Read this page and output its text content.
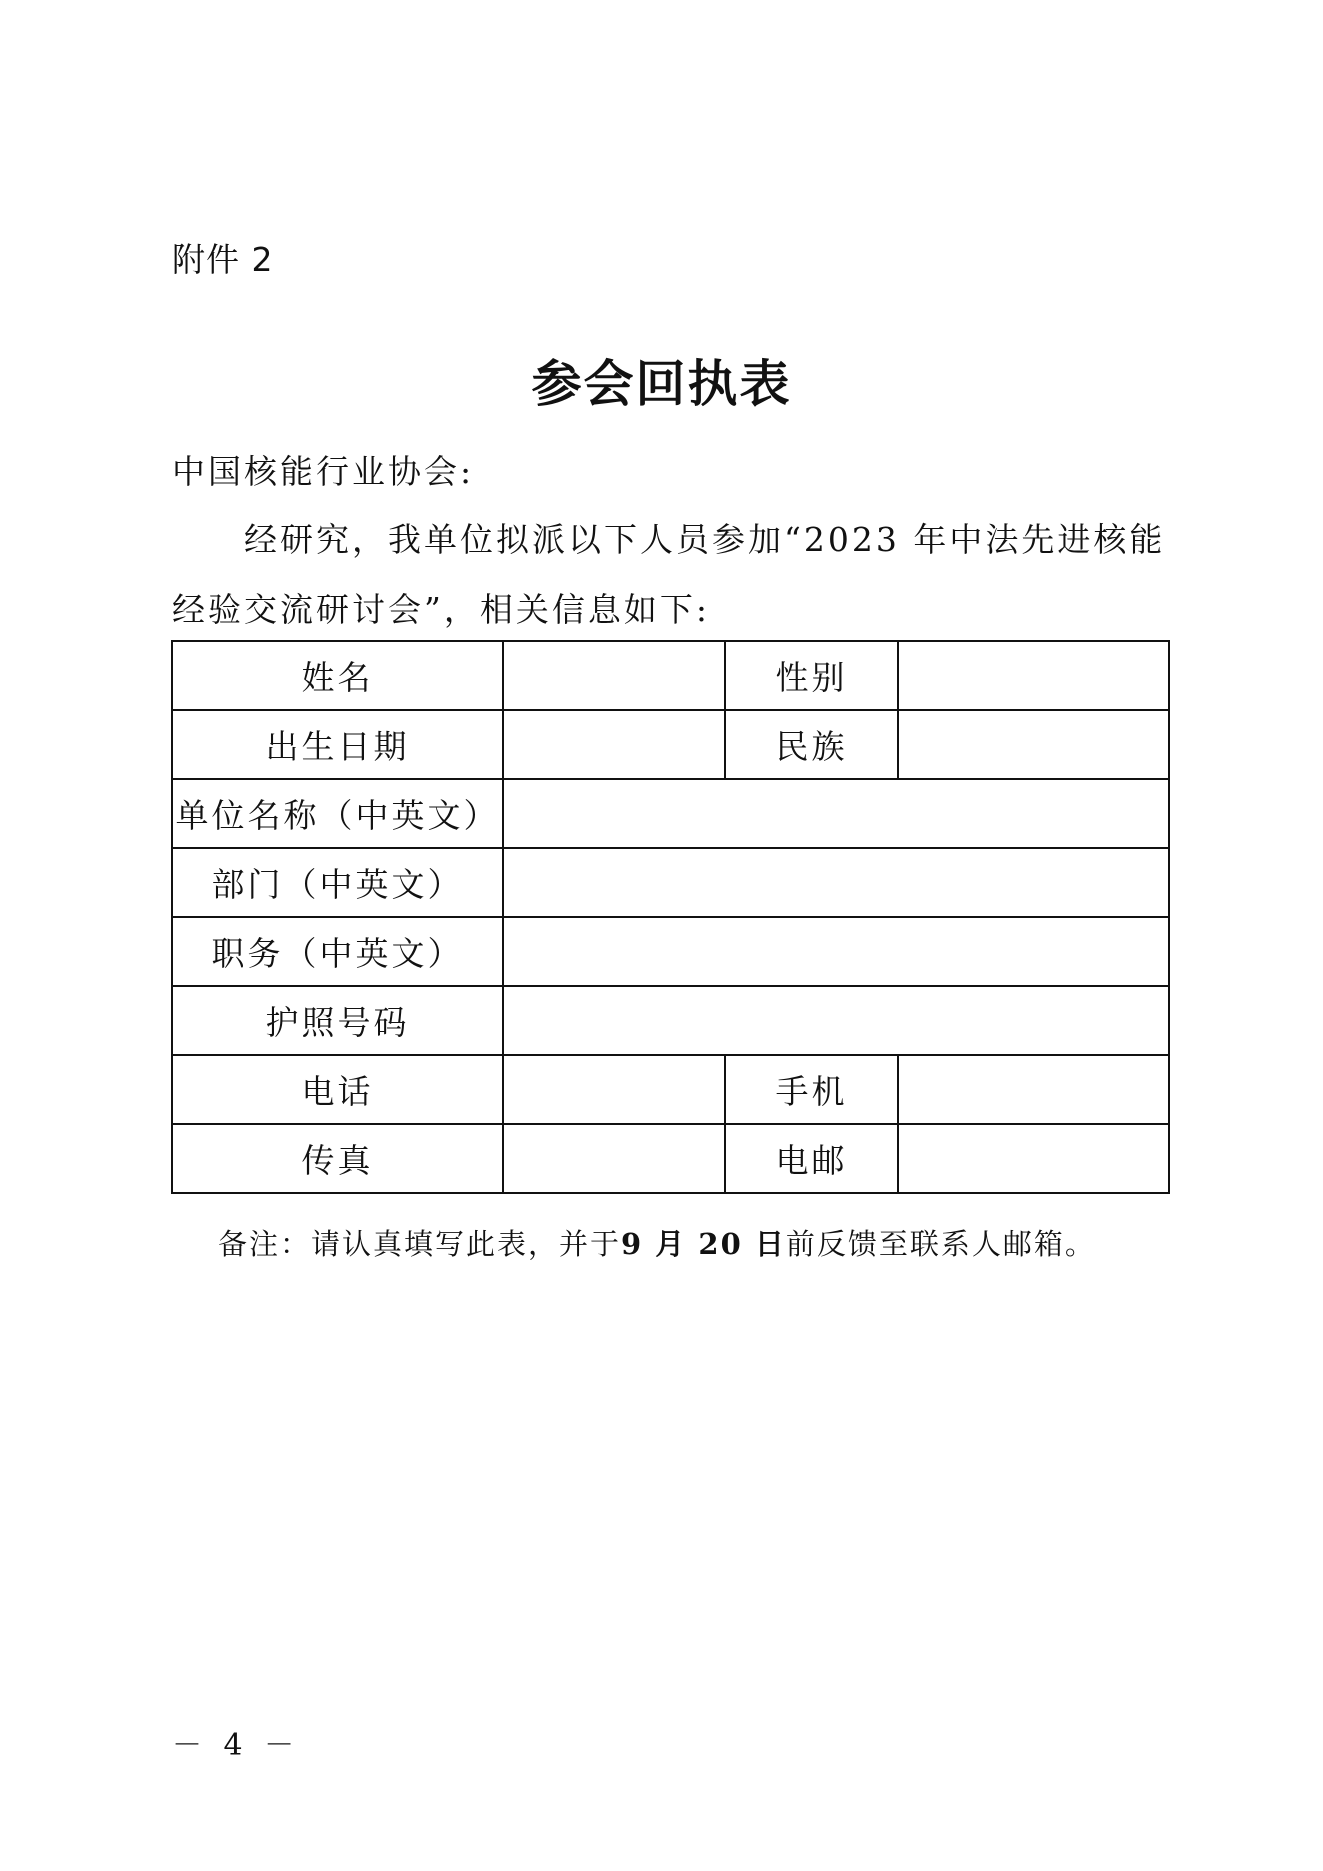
附件 2
参会回执表
中国核能行业协会:
经研究，我单位拟派以下人员参加“2023 年中法先进核能
经验交流研讨会”，相关信息如下:
姓名		性别	
出生日期		民族	
单位名称（中英文）			
部门（中英文）			
职务（中英文）			
护照号码			
电话		手机	
传真		电邮	
备注：请认真填写此表，并于9 月 20 日前反馈至联系人邮箱。
－ 4 －
